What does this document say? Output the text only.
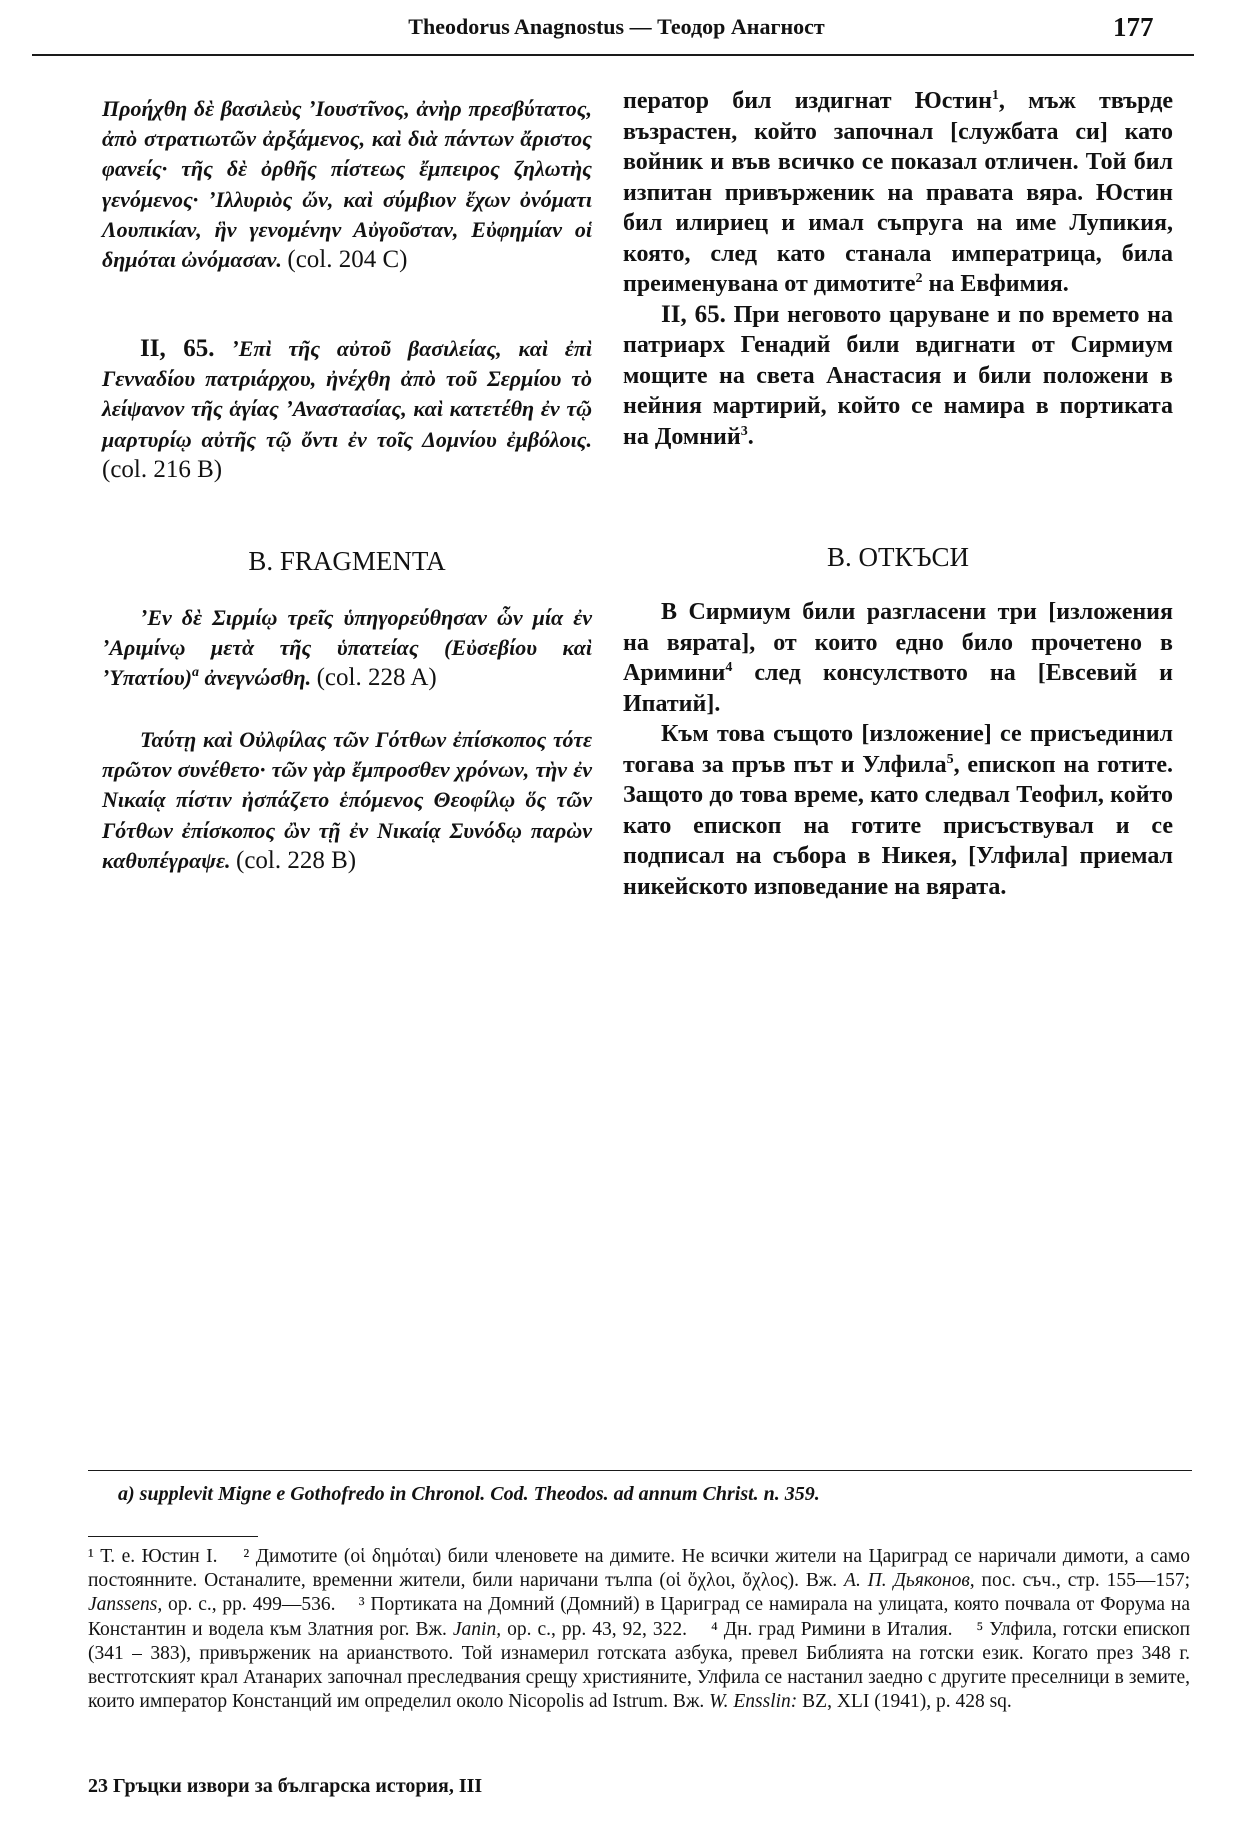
Theodorus Anagnostus — Теодор Анагност	177

Προήχθη δὲ βασιλεὺς ʼΙουστῖνος, ἀνὴρ πρεσβύτατος, ἀπὸ στρατιωτῶν ἀρξάμενος, καὶ διὰ πάντων ἄριστος φανείς· τῆς δὲ ὀρθῆς πίστεως ἔμπειρος ζηλωτὴς γενόμενος· ʼΙλλυριὸς ὤν, καὶ σύμβιον ἔχων ὀνόματι Λουπικίαν, ἣν γενομένην Αὐγοῦσταν, Εὐφημίαν οἱ δημόται ὠνόμασαν. (col. 204 C)

II, 65. ʼΕπὶ τῆς αὐτοῦ βασιλείας, καὶ ἐπὶ Γενναδίου πατριάρχου, ἠνέχθη ἀπὸ τοῦ Σερμίου τὸ λείψανον τῆς ἁγίας ʼΑναστασίας, καὶ κατετέθη ἐν τῷ μαρτυρίῳ αὐτῆς τῷ ὄντι ἐν τοῖς Δομνίου ἐμβόλοις. (col. 216 B)

B. FRAGMENTA

ʼΕν δὲ Σιρμίῳ τρεῖς ὑπηγορεύθησαν ὧν μία ἐν ʼΑριμίνῳ μετὰ τῆς ὑπατείας (Εὐσεβίου καὶ ʼΥπατίου)$^a$ ἀνεγνώσθη. (col. 228 A)

Ταύτῃ καὶ Οὐλφίλας τῶν Γότθων ἐπίσκοπος τότε πρῶτον συνέθετο· τῶν γὰρ ἔμπροσθεν χρόνων, τὴν ἐν Νικαίᾳ πίστιν ἠσπάζετο ἑπόμενος Θεοφίλῳ ὅς τῶν Γότθων ἐπίσκοπος ὢν τῇ ἐν Νικαίᾳ Συνόδῳ παρὼν καθυπέγραψε. (col. 228 B)

ператор бил издигнат Юстин$^1$, мъж твърде възрастен, който започнал [службата си] като войник и във всичко се показал отличен. Той бил изпитан привърженик на правата вяра. Юстин бил илириец и имал съпруга на име Лупикия, която, след като станала императрица, била преименувана от димотите$^2$ на Евфимия.

II, 65. При неговото царуване и по времето на патриарх Генадий били вдигнати от Сирмиум мощите на света Анастасия и били положени в нейния мартирий, който се намира в портиката на Домний$^3$.

B. ОТКЪСИ

В Сирмиум били разгласени три [изложения на вярата], от които едно било прочетено в Аримини$^4$ след консулството на [Евсевий и Ипатий].

Към това същото [изложение] се присъединил тогава за пръв път и Улфила$^5$, епископ на готите. Защото до това време, като следвал Теофил, който като епископ на готите присъствувал и се подписал на събора в Никея, [Улфила] приемал никейското изповедание на вярата.

a) supplevit Migne e Gothofredo in Chronol. Cod. Theodos. ad annum Christ. n. 359.

¹ Т. е. Юстин I. ² Димотите (οἱ δημόται) били членовете на димите. Не всички жители на Цариград се наричали димоти, а само постоянните. Останалите, временни жители, били наричани тълпа (οἱ ὄχλοι, ὄχλος). Вж. А. П. Дьяконов, пос. съч., стр. 155—157; Janssens, op. c., pp. 499—536. ³ Портиката на Домний (Домний) в Цариград се намирала на улицата, която почвала от Форума на Константин и водела към Златния рог. Вж. Janin, op. c., pp. 43, 92, 322. ⁴ Дн. град Римини в Италия. ⁵ Улфила, готски епископ (341 – 383), привърженик на арианството. Той изнамерил готската азбука, превел Библията на готски език. Когато през 348 г. вестготският крал Атанарих започнал преследвания срещу християните, Улфила се настанил заедно с другите преселници в земите, които император Констанций им определил около Nicopolis ad Istrum. Вж. W. Ensslin: BZ, XLI (1941), p. 428 sq.

23 Гръцки извори за българска история, III
